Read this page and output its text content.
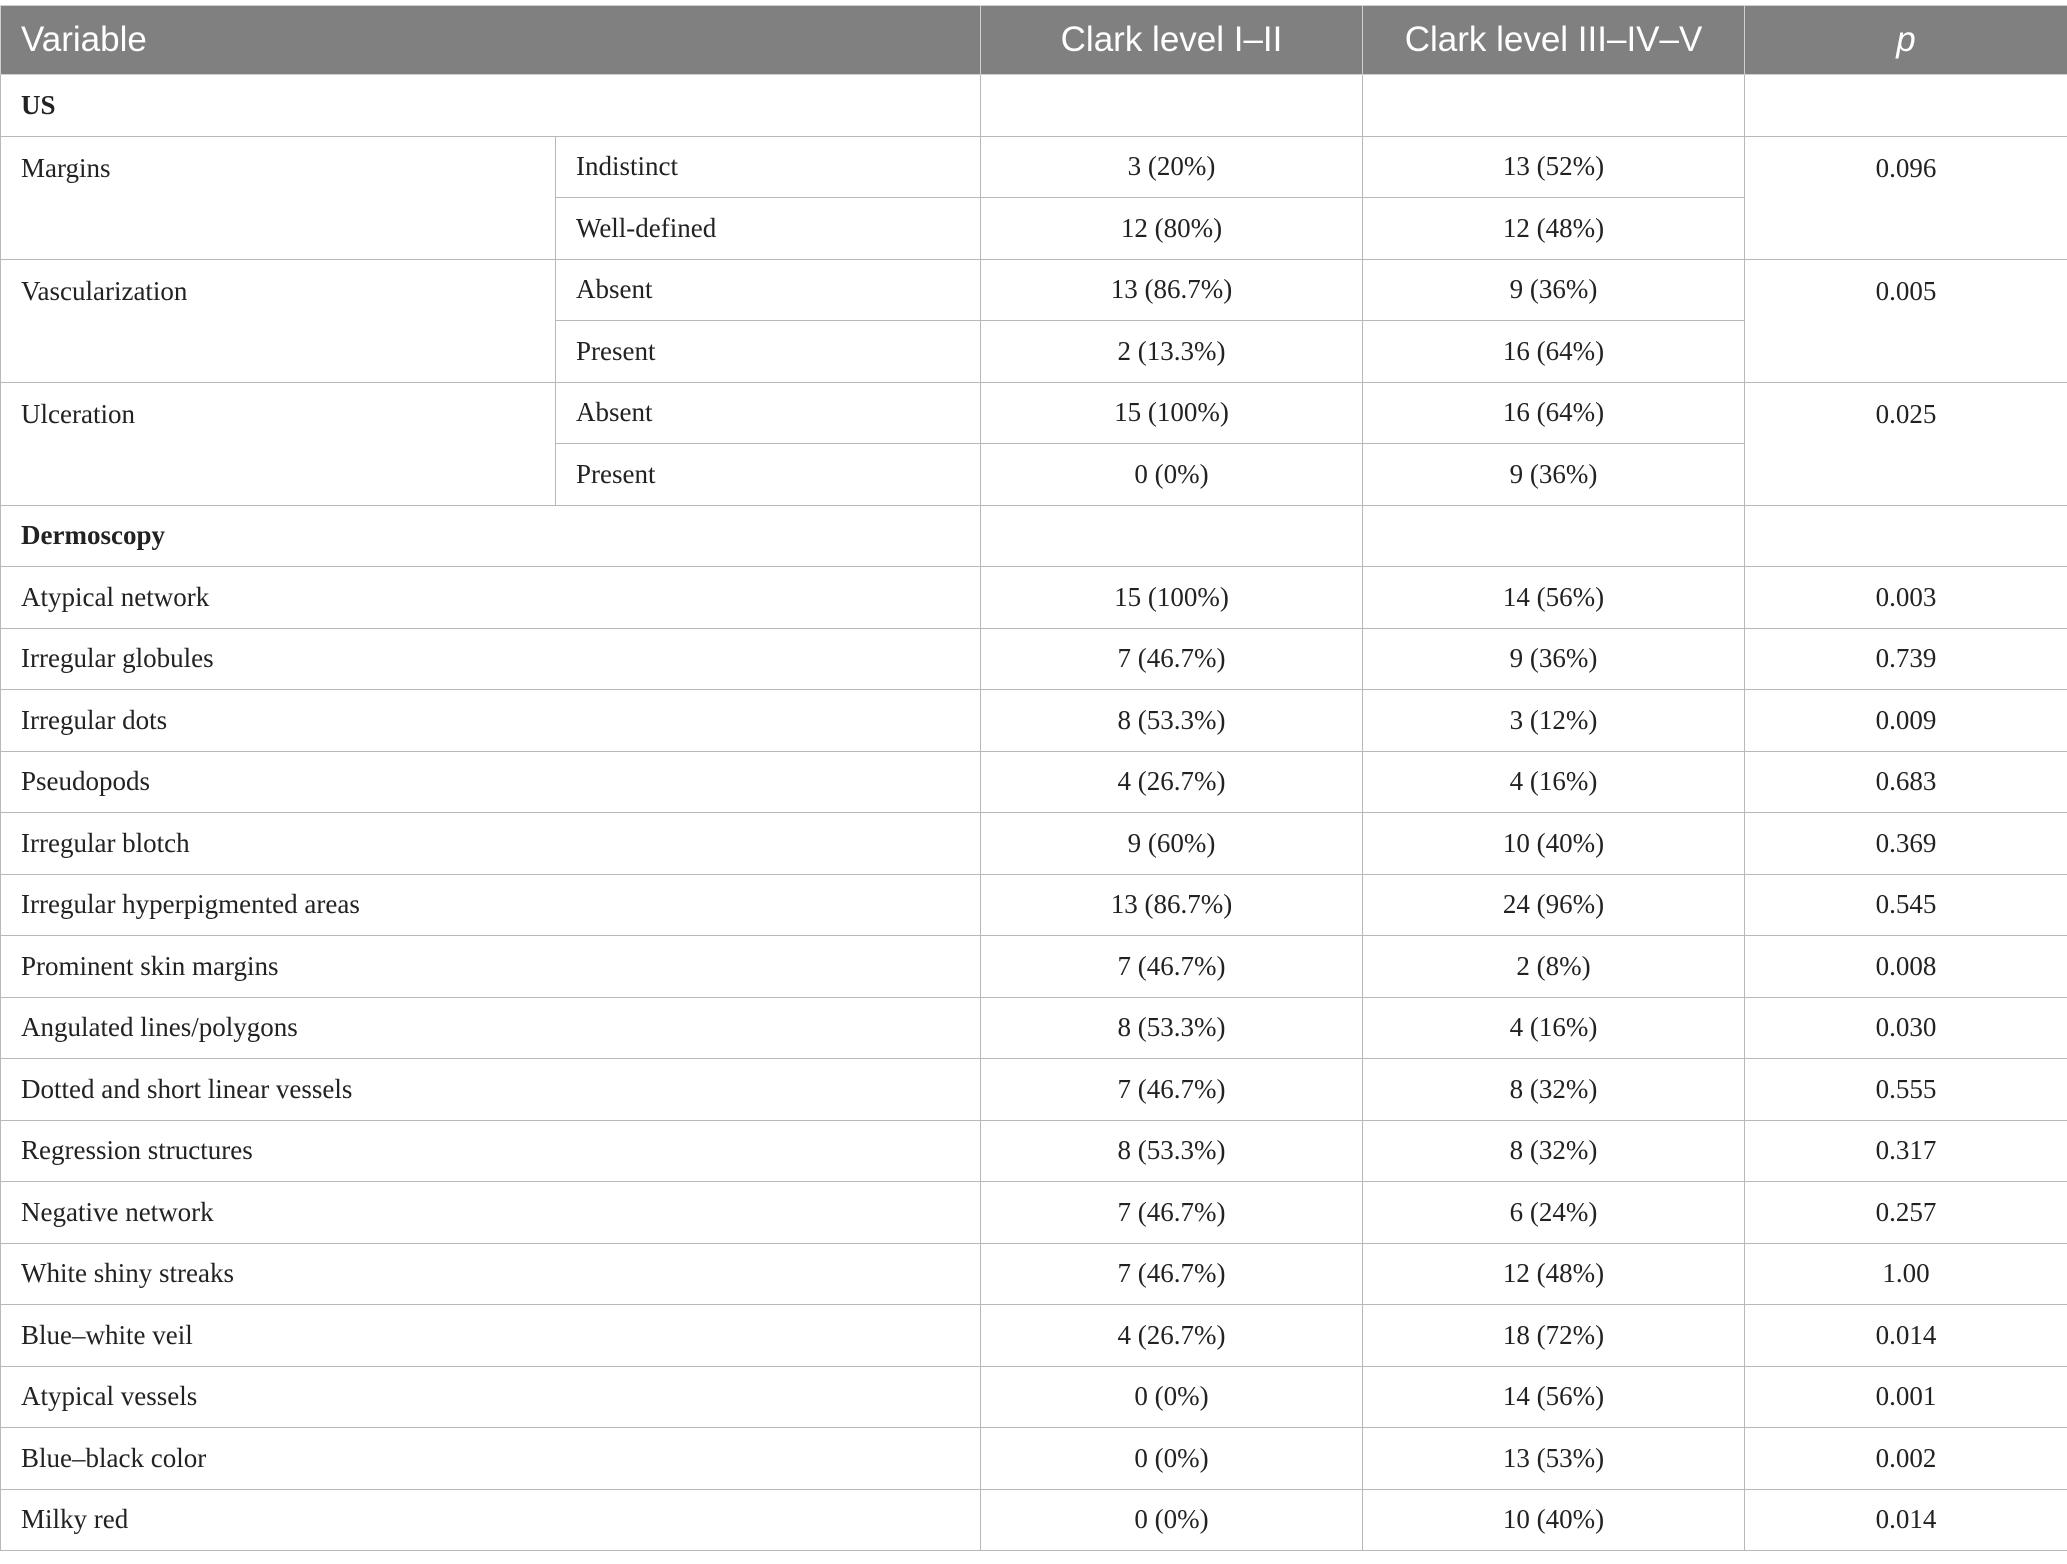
Variable		Clark level I–II	Clark level III–IV–V	p
US				
Margins	Indistinct	3 (20%)	13 (52%)	0.096
	Well-defined	12 (80%)	12 (48%)	
Vascularization	Absent	13 (86.7%)	9 (36%)	0.005
	Present	2 (13.3%)	16 (64%)	
Ulceration	Absent	15 (100%)	16 (64%)	0.025
	Present	0 (0%)	9 (36%)	
Dermoscopy				
Atypical network		15 (100%)	14 (56%)	0.003
Irregular globules		7 (46.7%)	9 (36%)	0.739
Irregular dots		8 (53.3%)	3 (12%)	0.009
Pseudopods		4 (26.7%)	4 (16%)	0.683
Irregular blotch		9 (60%)	10 (40%)	0.369
Irregular hyperpigmented areas		13 (86.7%)	24 (96%)	0.545
Prominent skin margins		7 (46.7%)	2 (8%)	0.008
Angulated lines/polygons		8 (53.3%)	4 (16%)	0.030
Dotted and short linear vessels		7 (46.7%)	8 (32%)	0.555
Regression structures		8 (53.3%)	8 (32%)	0.317
Negative network		7 (46.7%)	6 (24%)	0.257
White shiny streaks		7 (46.7%)	12 (48%)	1.00
Blue–white veil		4 (26.7%)	18 (72%)	0.014
Atypical vessels		0 (0%)	14 (56%)	0.001
Blue–black color		0 (0%)	13 (53%)	0.002
Milky red		0 (0%)	10 (40%)	0.014
